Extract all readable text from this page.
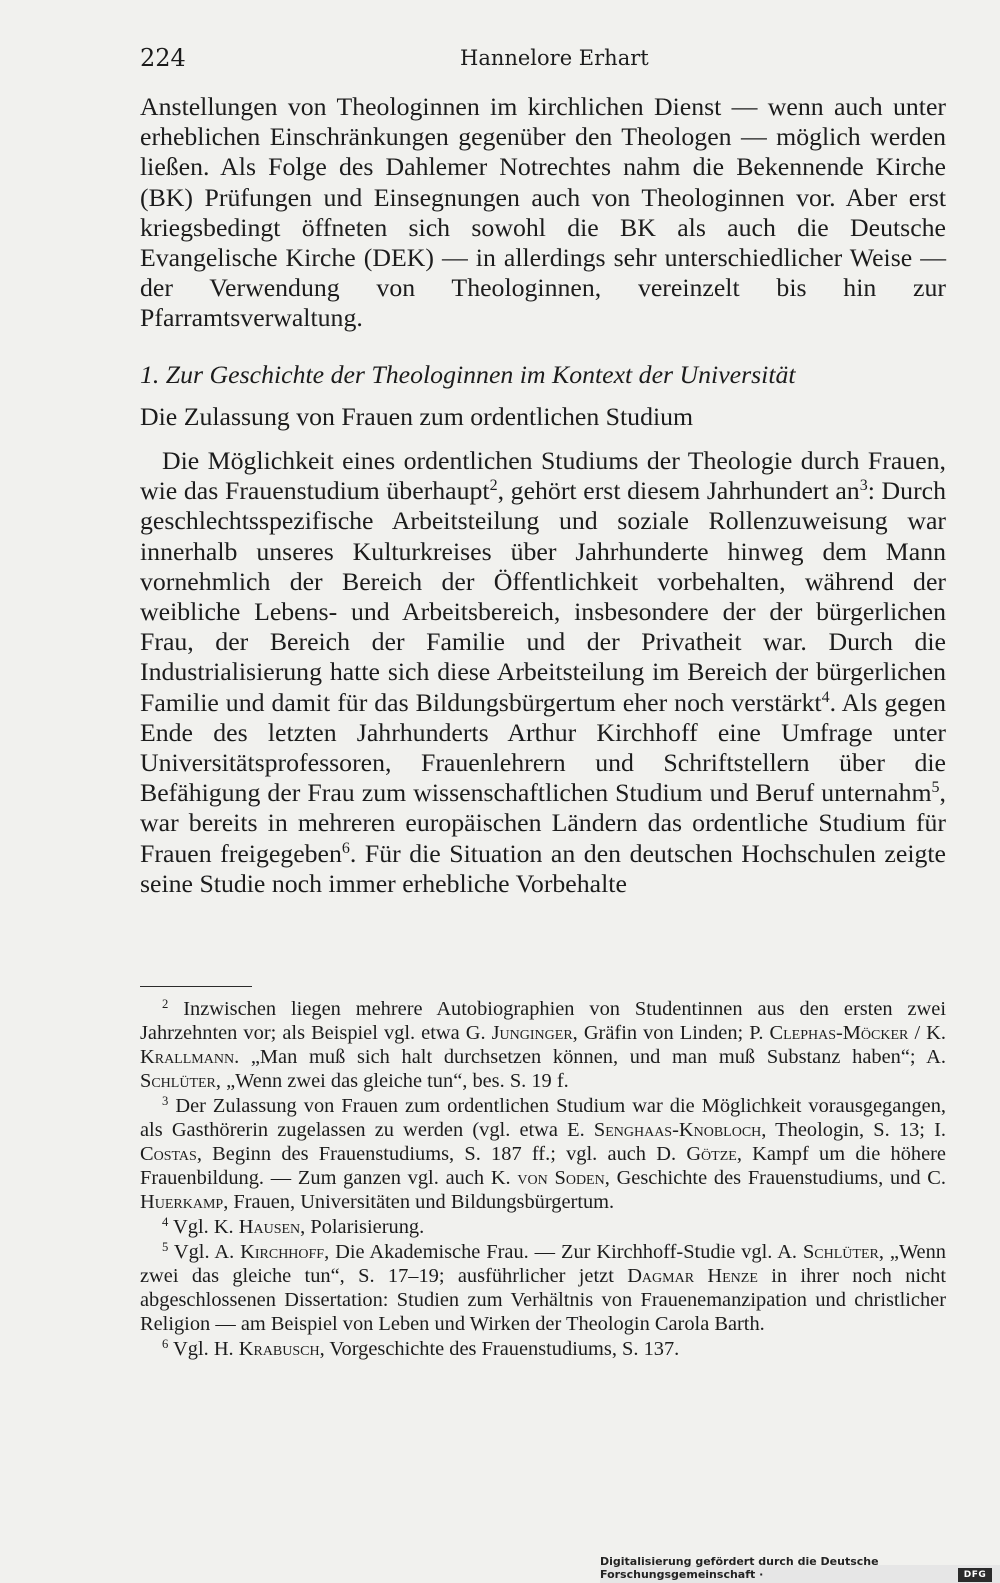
224	Hannelore Erhart

Anstellungen von Theologinnen im kirchlichen Dienst — wenn auch unter erheblichen Einschränkungen gegenüber den Theologen — möglich werden ließen. Als Folge des Dahlemer Notrechtes nahm die Bekennende Kirche (BK) Prüfungen und Einsegnungen auch von Theologinnen vor. Aber erst kriegsbedingt öffneten sich sowohl die BK als auch die Deutsche Evangelische Kirche (DEK) — in allerdings sehr unterschiedlicher Weise — der Verwendung von Theologinnen, vereinzelt bis hin zur Pfarramtsverwaltung.

1. Zur Geschichte der Theologinnen im Kontext der Universität

Die Zulassung von Frauen zum ordentlichen Studium

Die Möglichkeit eines ordentlichen Studiums der Theologie durch Frauen, wie das Frauenstudium überhaupt$^2$, gehört erst diesem Jahrhundert $an^3$: Durch geschlechtsspezifische Arbeitsteilung und soziale Rollenzuweisung war innerhalb unseres Kulturkreises über Jahrhunderte hinweg dem Mann vornehmlich der Bereich der Öffentlichkeit vorbehalten, während der weibliche Lebens- und Arbeitsbereich, insbesondere der der bürgerlichen Frau, der Bereich der Familie und der Privatheit war. Durch die Industrialisierung hatte sich diese Arbeitsteilung im Bereich der bürgerlichen Familie und damit für das Bildungsbürgertum eher noch verstärkt$^4$. Als gegen Ende des letzten Jahrhunderts Arthur Kirchhoff eine Umfrage unter Universitätsprofessoren, Frauenlehrern und Schriftstellern über die Befähigung der Frau zum wissenschaftlichen Studium und Beruf unternahm$^5$, war bereits in mehreren europäischen Ländern das ordentliche Studium für Frauen freigegeben$^6$. Für die Situation an den deutschen Hochschulen zeigte seine Studie noch immer erhebliche Vorbehalte

$^2$ Inzwischen liegen mehrere Autobiographien von Studentinnen aus den ersten zwei Jahrzehnten vor; als Beispiel vgl. etwa G. Junginger, Gräfin von Linden; P. Clephas-Möcker / K. Krallmann. „Man muß sich halt durchsetzen können, und man muß Substanz haben“; A. Schlüter, „Wenn zwei das gleiche tun“, bes. S. 19 f.

$^3$ Der Zulassung von Frauen zum ordentlichen Studium war die Möglichkeit vorausgegangen, als Gasthörerin zugelassen zu werden (vgl. etwa E. Senghaas-Knobloch, Theologin, S. 13; I. Costas, Beginn des Frauenstudiums, S. 187 ff.; vgl. auch D. Götze, Kampf um die höhere Frauenbildung. — Zum ganzen vgl. auch K. von Soden, Geschichte des Frauenstudiums, und C. Huerkamp, Frauen, Universitäten und Bildungsbürgertum.

$^4$ Vgl. K. Hausen, Polarisierung.

$^5$ Vgl. A. Kirchhoff, Die Akademische Frau. — Zur Kirchhoff-Studie vgl. A. Schlüter, „Wenn zwei das gleiche tun“, S. 17–19; ausführlicher jetzt Dagmar Henze in ihrer noch nicht abgeschlossenen Dissertation: Studien zum Verhältnis von Frauenemanzipation und christlicher Religion — am Beispiel von Leben und Wirken der Theologin Carola Barth.

$^6$ Vgl. H. Krabusch, Vorgeschichte des Frauenstudiums, S. 137.

Digitalisierung gefördert durch die Deutsche Forschungsgemeinschaft ·	DFG
